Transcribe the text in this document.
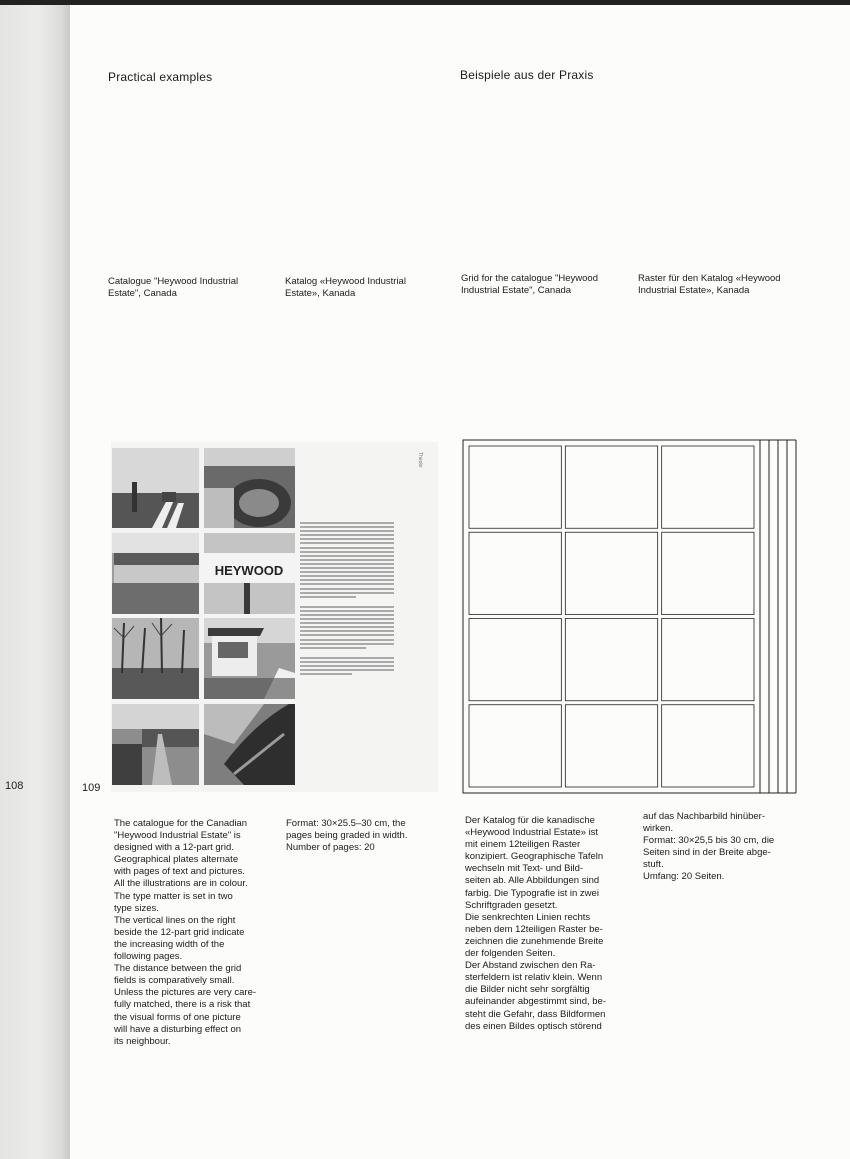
108	109
Practical examples	Beispiele aus der Praxis
Catalogue "Heywood Industrial
Estate", Canada
Katalog «Heywood Industrial
Estate», Kanada
Grid for the catalogue "Heywood
Industrial Estate", Canada
Raster für den Katalog «Heywood
Industrial Estate», Kanada
HEYWOOD
Theobr
The catalogue for the Canadian
"Heywood Industrial Estate" is
designed with a 12-part grid.
Geographical plates alternate
with pages of text and pictures.
All the illustrations are in colour.
The type matter is set in two
type sizes.
The vertical lines on the right
beside the 12-part grid indicate
the increasing width of the
following pages.
The distance between the grid
fields is comparatively small.
Unless the pictures are very care-
fully matched, there is a risk that
the visual forms of one picture
will have a disturbing effect on
its neighbour.
Format: 30×25.5–30 cm, the
pages being graded in width.
Number of pages: 20
Der Katalog für die kanadische
«Heywood Industrial Estate» ist
mit einem 12teiligen Raster
konzipiert. Geographische Tafeln
wechseln mit Text- und Bild-
seiten ab. Alle Abbildungen sind
farbig. Die Typografie ist in zwei
Schriftgraden gesetzt.
Die senkrechten Linien rechts
neben dem 12teiligen Raster be-
zeichnen die zunehmende Breite
der folgenden Seiten.
Der Abstand zwischen den Ra-
sterfeldern ist relativ klein. Wenn
die Bilder nicht sehr sorgfältig
aufeinander abgestimmt sind, be-
steht die Gefahr, dass Bildformen
des einen Bildes optisch störend
auf das Nachbarbild hinüber-
wirken.
Format: 30×25,5 bis 30 cm, die
Seiten sind in der Breite abge-
stuft.
Umfang: 20 Seiten.
